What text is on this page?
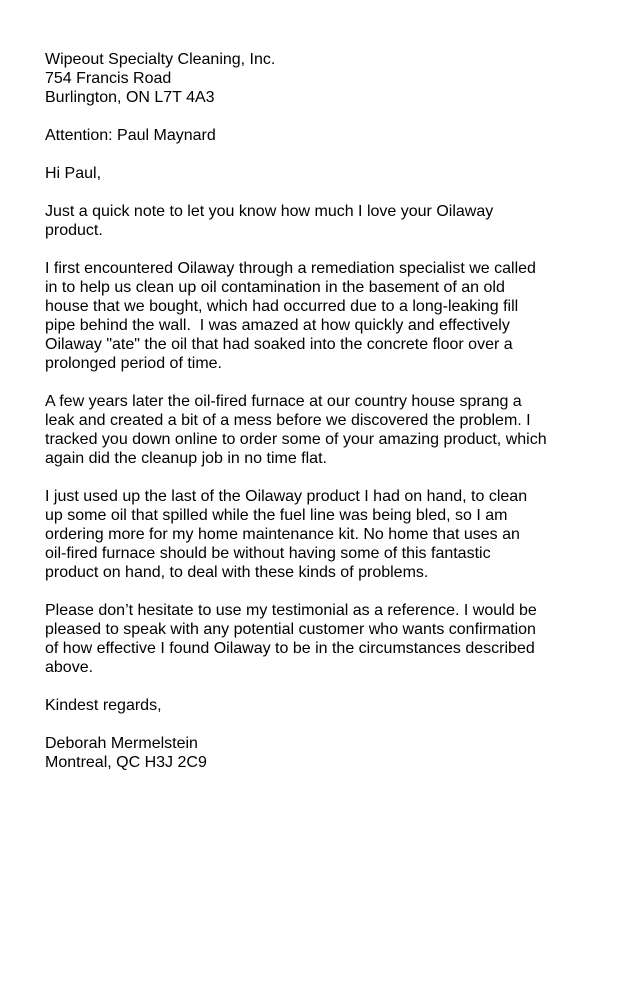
Wipeout Specialty Cleaning, Inc.
754 Francis Road
Burlington, ON L7T 4A3
Attention: Paul Maynard
Hi Paul,
Just a quick note to let you know how much I love your Oilaway
product.
I first encountered Oilaway through a remediation specialist we called
in to help us clean up oil contamination in the basement of an old
house that we bought, which had occurred due to a long-leaking fill
pipe behind the wall.  I was amazed at how quickly and effectively
Oilaway "ate" the oil that had soaked into the concrete floor over a
prolonged period of time.
A few years later the oil-fired furnace at our country house sprang a
leak and created a bit of a mess before we discovered the problem. I
tracked you down online to order some of your amazing product, which
again did the cleanup job in no time flat.
I just used up the last of the Oilaway product I had on hand, to clean
up some oil that spilled while the fuel line was being bled, so I am
ordering more for my home maintenance kit. No home that uses an
oil-fired furnace should be without having some of this fantastic
product on hand, to deal with these kinds of problems.
Please don’t hesitate to use my testimonial as a reference. I would be
pleased to speak with any potential customer who wants confirmation
of how effective I found Oilaway to be in the circumstances described
above.
Kindest regards,
Deborah Mermelstein
Montreal, QC H3J 2C9
